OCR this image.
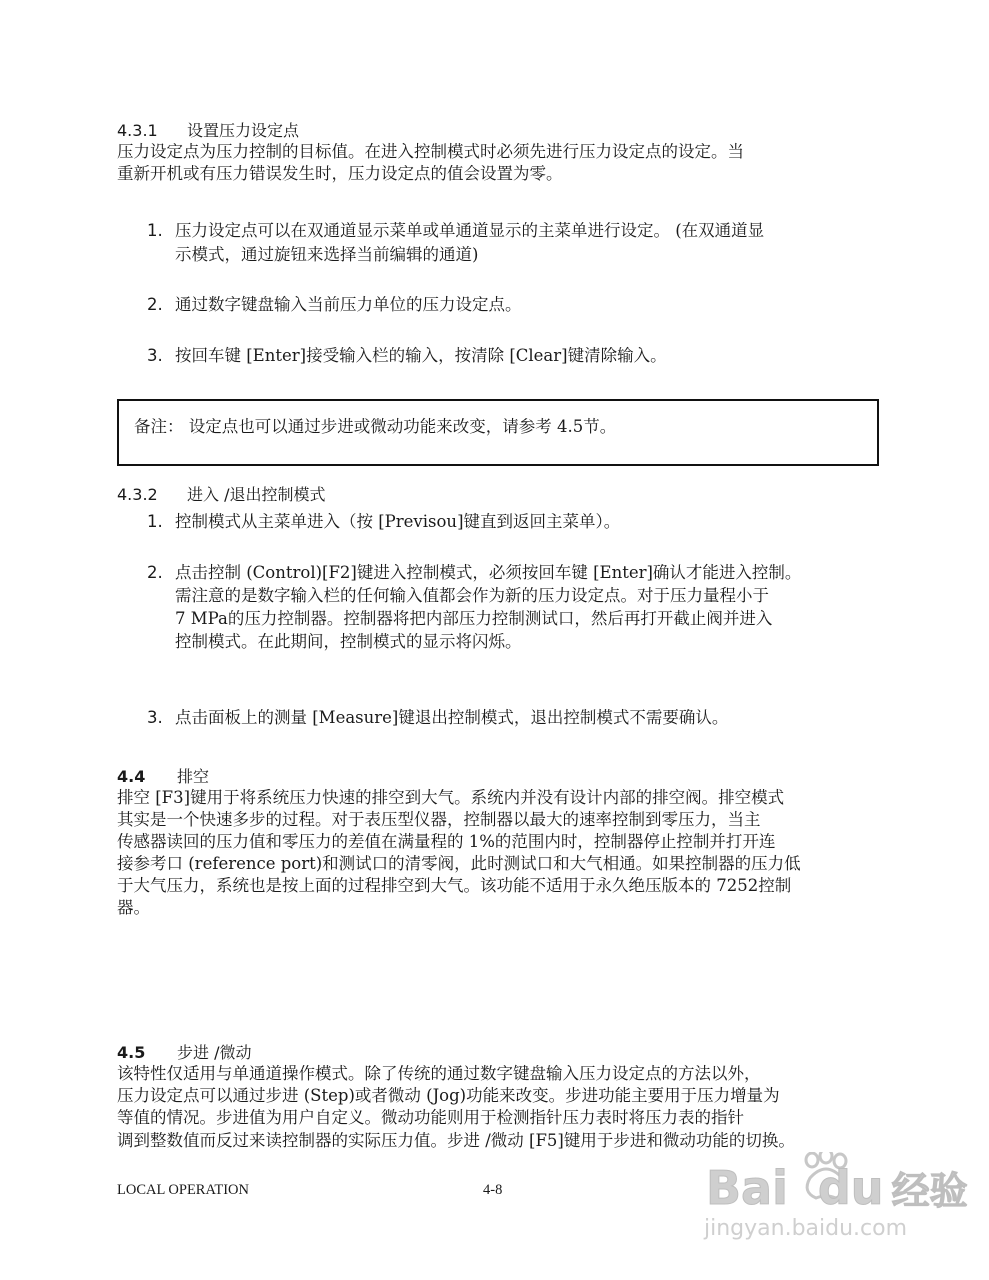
4.3.1 设置压力设定点
压力设定点为压力控制的目标值。在进入控制模式时必须先进行压力设定点的设定。当
重新开机或有压力错误发生时，压力设定点的值会设置为零。
1. 压力设定点可以在双通道显示菜单或单通道显示的主菜单进行设定。 (在双通道显
示模式，通过旋钮来选择当前编辑的通道)
2. 通过数字键盘输入当前压力单位的压力设定点。
3. 按回车键 [Enter]接受输入栏的输入，按清除 [Clear]键清除输入。
备注： 设定点也可以通过步进或微动功能来改变，请参考 4.5节。
4.3.2 进入 /退出控制模式
1. 控制模式从主菜单进入（按 [Previsou]键直到返回主菜单）。
2. 点击控制 (Control)[F2]键进入控制模式，必须按回车键 [Enter]确认才能进入控制。
需注意的是数字输入栏的任何输入值都会作为新的压力设定点。对于压力量程小于
7 MPa的压力控制器。控制器将把内部压力控制测试口，然后再打开截止阀并进入
控制模式。在此期间，控制模式的显示将闪烁。
3. 点击面板上的测量 [Measure]键退出控制模式，退出控制模式不需要确认。
4.4 排空
排空 [F3]键用于将系统压力快速的排空到大气。系统内并没有设计内部的排空阀。排空模式
其实是一个快速多步的过程。对于表压型仪器，控制器以最大的速率控制到零压力，当主
传感器读回的压力值和零压力的差值在满量程的 1%的范围内时，控制器停止控制并打开连
接参考口 (reference port)和测试口的清零阀，此时测试口和大气相通。如果控制器的压力低
于大气压力，系统也是按上面的过程排空到大气。该功能不适用于永久绝压版本的 7252控制
器。
4.5 步进 /微动
该特性仅适用与单通道操作模式。除了传统的通过数字键盘输入压力设定点的方法以外，
压力设定点可以通过步进 (Step)或者微动 (Jog)功能来改变。步进功能主要用于压力增量为
等值的情况。步进值为用户自定义。微动功能则用于检测指针压力表时将压力表的指针
调到整数值而反过来读控制器的实际压力值。步进 /微动 [F5]键用于步进和微动功能的切换。
LOCAL OPERATION	4-8	Bai du 经验
jingyan.baidu.com
